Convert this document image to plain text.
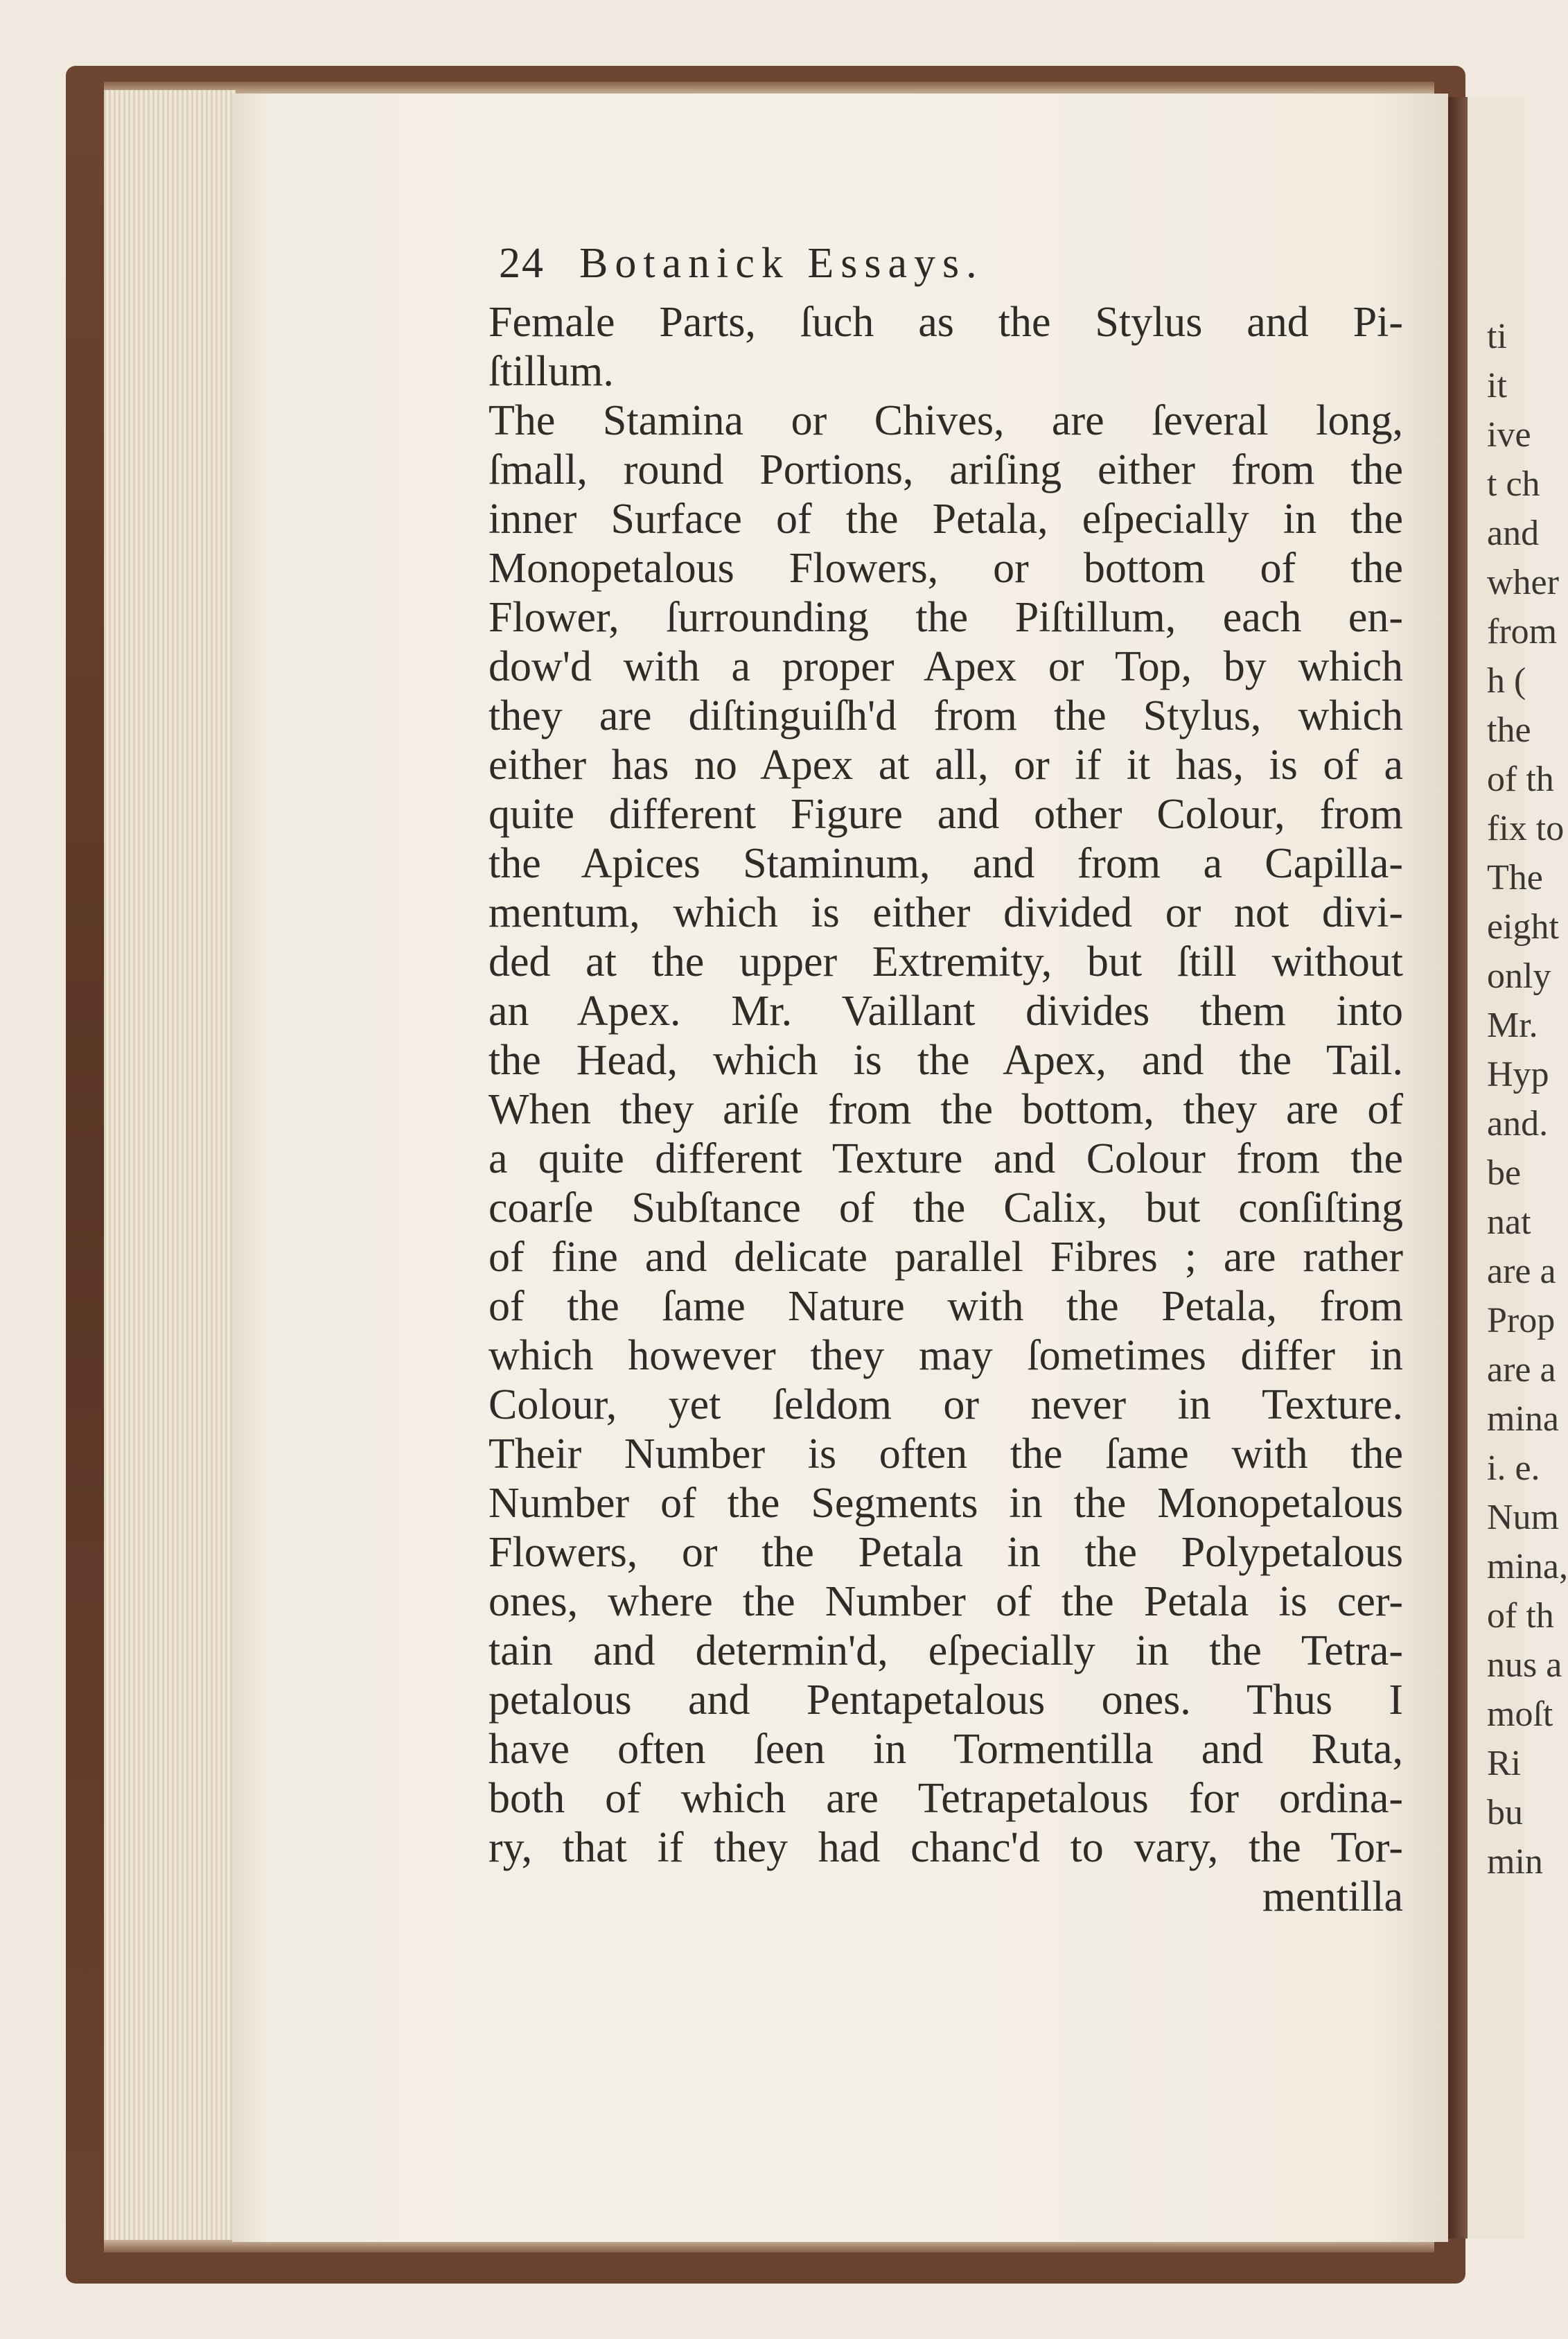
ti
it
ive
t ch
and
wher
from
h (
the
of th
fix to
The
eight
only
Mr.
Hyp
and.
be
nat
are a
Prop
are a
mina
i. e.
Num
mina,
of th
nus a
moſt
Ri
bu
min
24 Botanick Essays.
Female Parts, ſuch as the Stylus and Pi-
ſtillum.
The Stamina or Chives, are ſeveral long,
ſmall, round Portions, ariſing either from the
inner Surface of the Petala, eſpecially in the
Monopetalous Flowers, or bottom of the
Flower, ſurrounding the Piſtillum, each en-
dow'd with a proper Apex or Top, by which
they are diſtinguiſh'd from the Stylus, which
either has no Apex at all, or if it has, is of a
quite different Figure and other Colour, from
the Apices Staminum, and from a Capilla-
mentum, which is either divided or not divi-
ded at the upper Extremity, but ſtill without
an Apex. Mr. Vaillant divides them into
the Head, which is the Apex, and the Tail.
When they ariſe from the bottom, they are of
a quite different Texture and Colour from the
coarſe Subſtance of the Calix, but conſiſting
of fine and delicate parallel Fibres ; are rather
of the ſame Nature with the Petala, from
which however they may ſometimes differ in
Colour, yet ſeldom or never in Texture.
Their Number is often the ſame with the
Number of the Segments in the Monopetalous
Flowers, or the Petala in the Polypetalous
ones, where the Number of the Petala is cer-
tain and determin'd, eſpecially in the Tetra-
petalous and Pentapetalous ones. Thus I
have often ſeen in Tormentilla and Ruta,
both of which are Tetrapetalous for ordina-
ry, that if they had chanc'd to vary, the Tor-
mentilla
